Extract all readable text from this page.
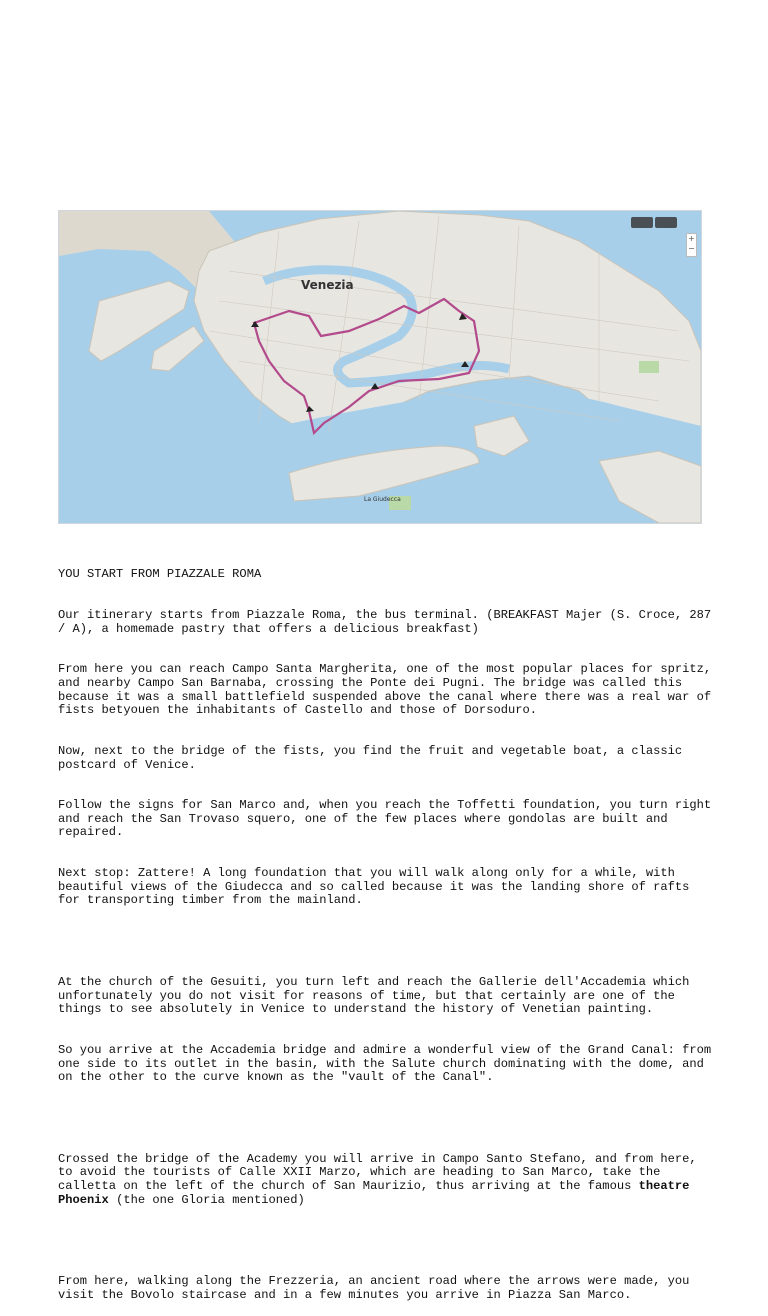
Venezia
La Giudecca
+
−

YOU START FROM PIAZZALE ROMA

Our itinerary starts from Piazzale Roma, the bus terminal. (BREAKFAST Majer (S. Croce, 287 / A), a homemade pastry that offers a delicious breakfast)

From here you can reach Campo Santa Margherita, one of the most popular places for spritz, and nearby Campo San Barnaba, crossing the Ponte dei Pugni. The bridge was called this because it was a small battlefield suspended above the canal where there was a real war of fists betyouen the inhabitants of Castello and those of Dorsoduro.

Now, next to the bridge of the fists, you find the fruit and vegetable boat, a classic postcard of Venice.

Follow the signs for San Marco and, when you reach the Toffetti foundation, you turn right and reach the San Trovaso squero, one of the few places where gondolas are built and repaired.

Next stop: Zattere! A long foundation that you will walk along only for a while, with beautiful views of the Giudecca and so called because it was the landing shore of rafts for transporting timber from the mainland.

At the church of the Gesuiti, you turn left and reach the Gallerie dell'Accademia which unfortunately you do not visit for reasons of time, but that certainly are one of the things to see absolutely in Venice to understand the history of Venetian painting.

So you arrive at the Accademia bridge and admire a wonderful view of the Grand Canal: from one side to its outlet in the basin, with the Salute church dominating with the dome, and on the other to the curve known as the "vault of the Canal".

Crossed the bridge of the Academy you will arrive in Campo Santo Stefano, and from here, to avoid the tourists of Calle XXII Marzo, which are heading to San Marco, take the calletta on the left of the church of San Maurizio, thus arriving at the famous theatre Phoenix (the one Gloria mentioned)

From here, walking along the Frezzeria, an ancient road where the arrows were made, you visit the Bovolo staircase and in a few minutes you arrive in Piazza San Marco.
